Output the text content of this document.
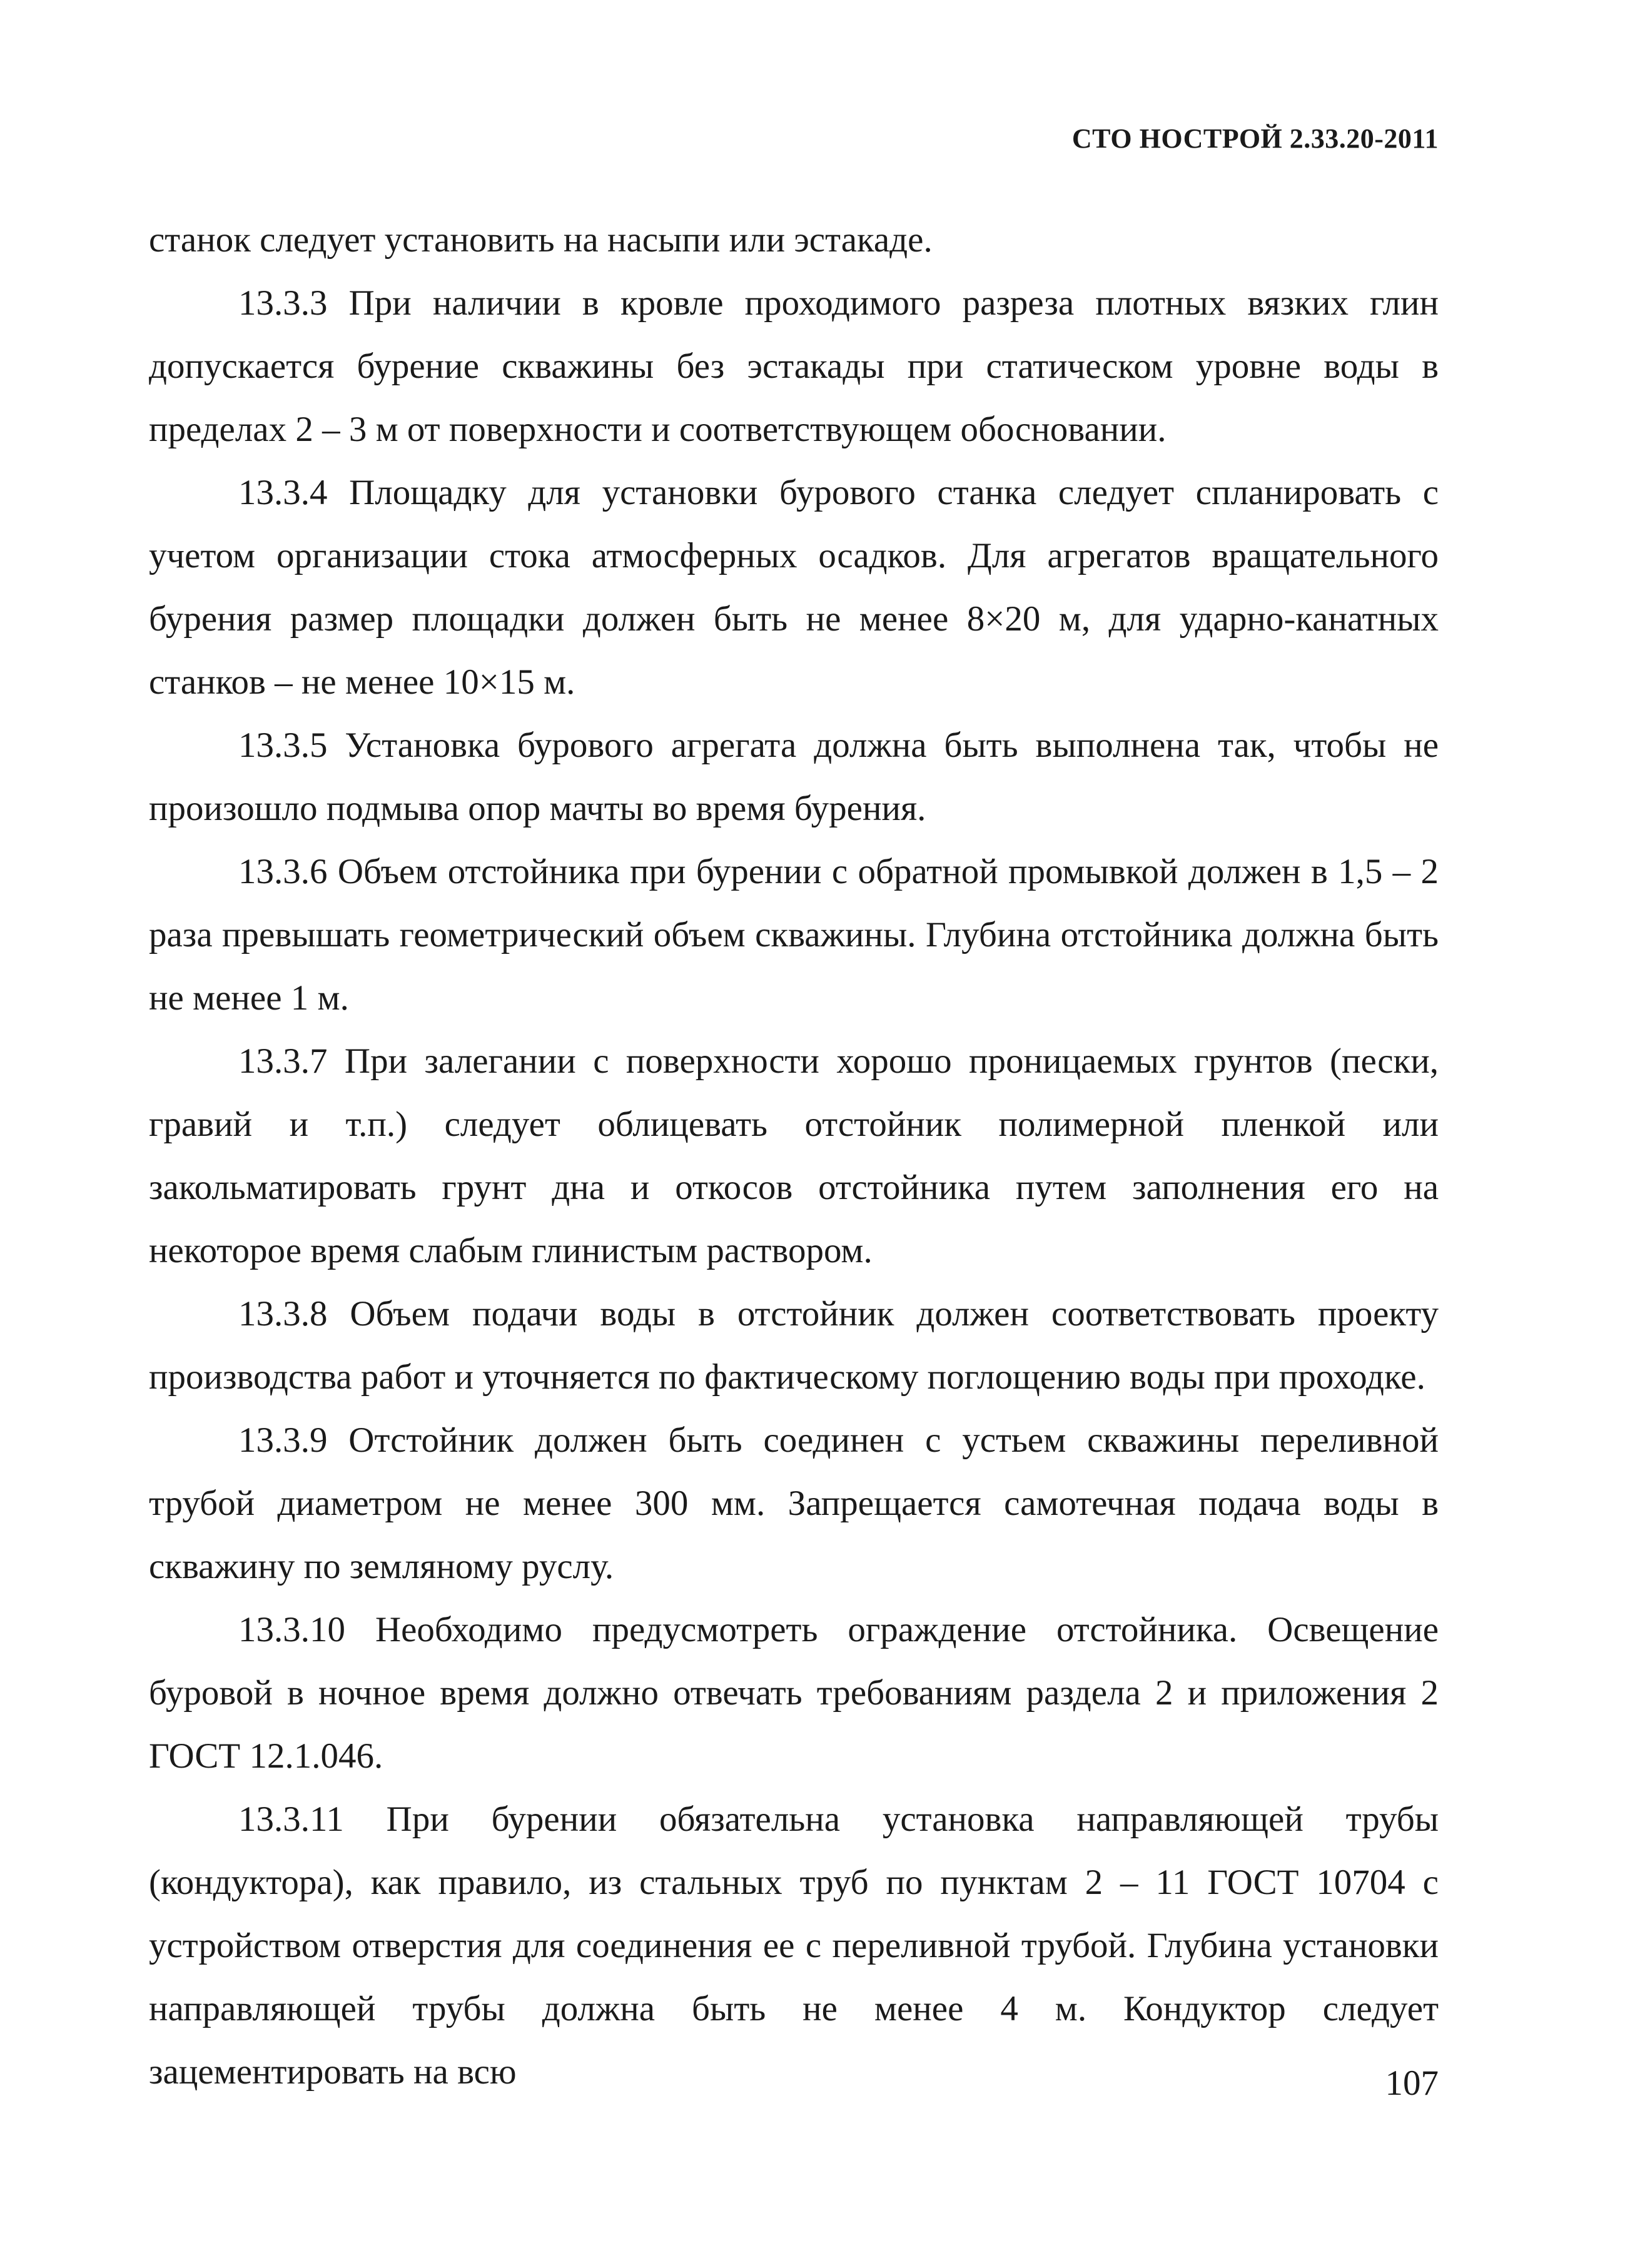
СТО НОСТРОЙ 2.33.20-2011

станок следует установить на насыпи или эстакаде.

13.3.3 При наличии в кровле проходимого разреза плотных вязких глин допускается бурение скважины без эстакады при статическом уровне воды в пределах 2 – 3 м от поверхности и соответствующем обосновании.

13.3.4 Площадку для установки бурового станка следует спланировать с учетом организации стока атмосферных осадков. Для агрегатов вращательного бурения размер площадки должен быть не менее 8×20 м, для ударно-канатных станков – не менее 10×15 м.

13.3.5 Установка бурового агрегата должна быть выполнена так, чтобы не произошло подмыва опор мачты во время бурения.

13.3.6 Объем отстойника при бурении с обратной промывкой должен в 1,5 – 2 раза превышать геометрический объем скважины. Глубина отстойника должна быть не менее 1 м.

13.3.7 При залегании с поверхности хорошо проницаемых грунтов (пески, гравий и т.п.) следует облицевать отстойник полимерной пленкой или закольматировать грунт дна и откосов отстойника путем заполнения его на некоторое время слабым глинистым раствором.

13.3.8 Объем подачи воды в отстойник должен соответствовать проекту производства работ и уточняется по фактическому поглощению воды при проходке.

13.3.9 Отстойник должен быть соединен с устьем скважины переливной трубой диаметром не менее 300 мм. Запрещается самотечная подача воды в скважину по земляному руслу.

13.3.10 Необходимо предусмотреть ограждение отстойника. Освещение буровой в ночное время должно отвечать требованиям раздела 2 и приложения 2 ГОСТ 12.1.046.

13.3.11 При бурении обязательна установка направляющей трубы (кондуктора), как правило, из стальных труб по пунктам 2 – 11 ГОСТ 10704 с устройством отверстия для соединения ее с переливной трубой. Глубина установки направляющей трубы должна быть не менее 4 м. Кондуктор следует зацементировать на всю	107
